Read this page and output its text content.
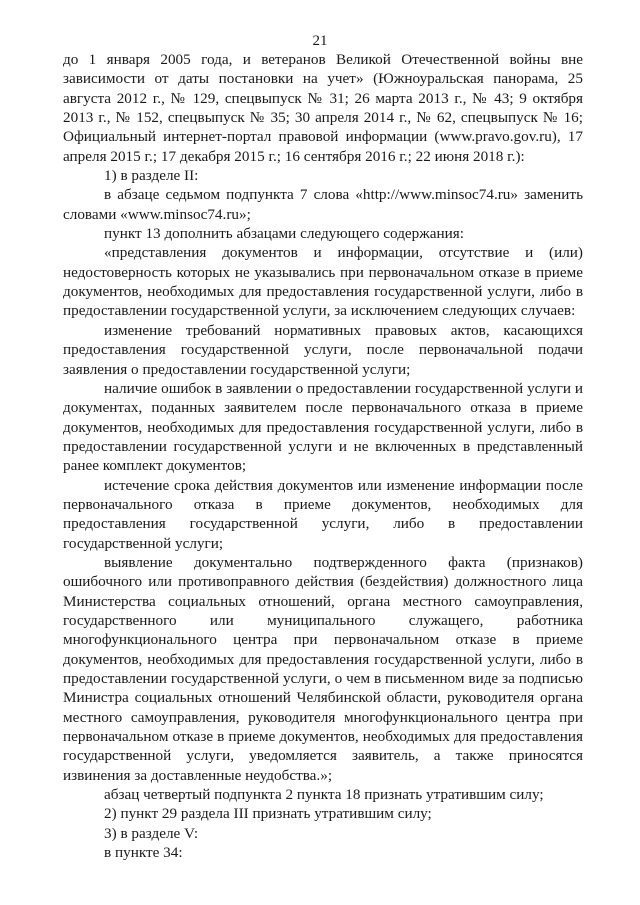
21

до 1 января 2005 года, и ветеранов Великой Отечественной войны вне зависимости от даты постановки на учет» (Южноуральская панорама, 25 августа 2012 г., № 129, спецвыпуск № 31; 26 марта 2013 г., № 43; 9 октября 2013 г., № 152, спецвыпуск № 35; 30 апреля 2014 г., № 62, спецвыпуск № 16; Официальный интернет-портал правовой информации (www.pravo.gov.ru), 17 апреля 2015 г.; 17 декабря 2015 г.; 16 сентября 2016 г.; 22 июня 2018 г.):

1) в разделе II:

в абзаце седьмом подпункта 7 слова «http://www.minsoc74.ru» заменить словами «www.minsoc74.ru»;

пункт 13 дополнить абзацами следующего содержания:

«представления документов и информации, отсутствие и (или) недостоверность которых не указывались при первоначальном отказе в приеме документов, необходимых для предоставления государственной услуги, либо в предоставлении государственной услуги, за исключением следующих случаев:

изменение требований нормативных правовых актов, касающихся предоставления государственной услуги, после первоначальной подачи заявления о предоставлении государственной услуги;

наличие ошибок в заявлении о предоставлении государственной услуги и документах, поданных заявителем после первоначального отказа в приеме документов, необходимых для предоставления государственной услуги, либо в предоставлении государственной услуги и не включенных в представленный ранее комплект документов;

истечение срока действия документов или изменение информации после первоначального отказа в приеме документов, необходимых для предоставления государственной услуги, либо в предоставлении государственной услуги;

выявление документально подтвержденного факта (признаков) ошибочного или противоправного действия (бездействия) должностного лица Министерства социальных отношений, органа местного самоуправления, государственного или муниципального служащего, работника многофункционального центра при первоначальном отказе в приеме документов, необходимых для предоставления государственной услуги, либо в предоставлении государственной услуги, о чем в письменном виде за подписью Министра социальных отношений Челябинской области, руководителя органа местного самоуправления, руководителя многофункционального центра при первоначальном отказе в приеме документов, необходимых для предоставления государственной услуги, уведомляется заявитель, а также приносятся извинения за доставленные неудобства.»;

абзац четвертый подпункта 2 пункта 18 признать утратившим силу;

2) пункт 29 раздела III признать утратившим силу;

3) в разделе V:

в пункте 34:
